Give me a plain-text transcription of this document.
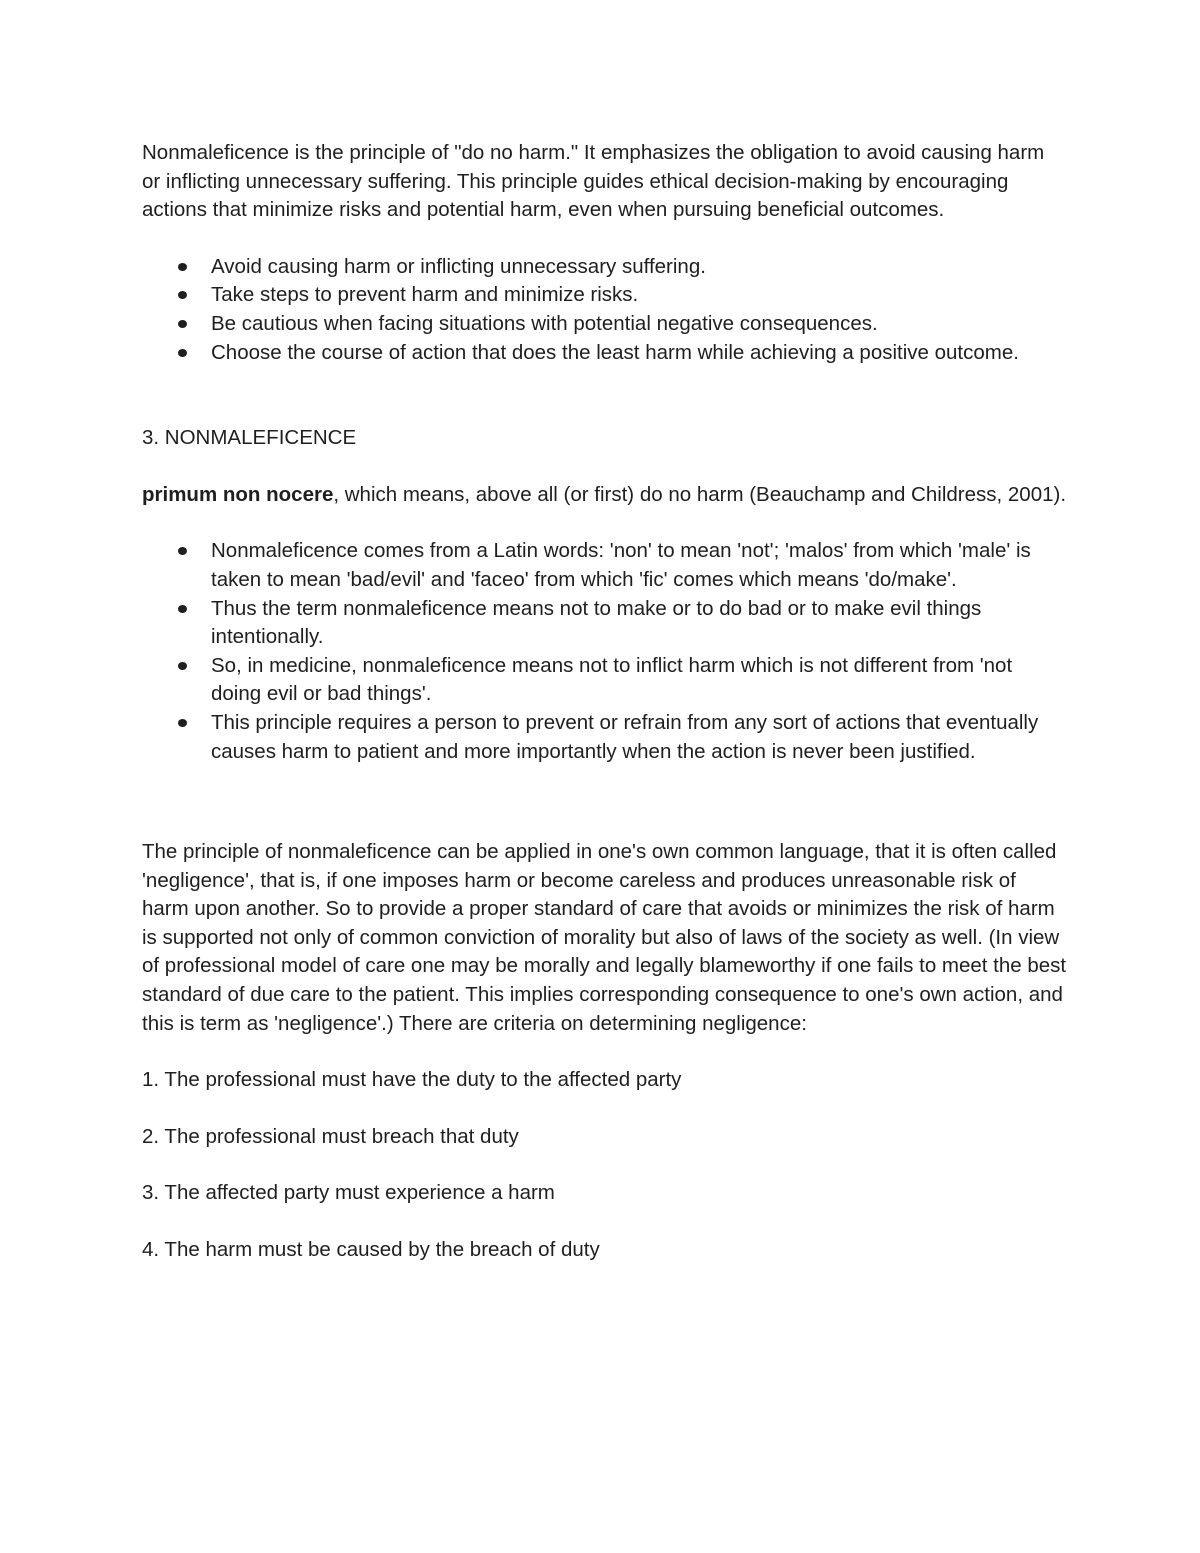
Nonmaleficence is the principle of "do no harm." It emphasizes the obligation to avoid causing harm or inflicting unnecessary suffering. This principle guides ethical decision-making by encouraging actions that minimize risks and potential harm, even when pursuing beneficial outcomes.

Avoid causing harm or inflicting unnecessary suffering.
Take steps to prevent harm and minimize risks.
Be cautious when facing situations with potential negative consequences.
Choose the course of action that does the least harm while achieving a positive outcome.

3. NONMALEFICENCE

primum non nocere, which means, above all (or first) do no harm (Beauchamp and Childress, 2001).

Nonmaleficence comes from a Latin words: 'non' to mean 'not'; 'malos' from which 'male' is taken to mean 'bad/evil' and 'faceo' from which 'fic' comes which means 'do/make'.
Thus the term nonmaleficence means not to make or to do bad or to make evil things intentionally.
So, in medicine, nonmaleficence means not to inflict harm which is not different from 'not doing evil or bad things'.
This principle requires a person to prevent or refrain from any sort of actions that eventually causes harm to patient and more importantly when the action is never been justified.

The principle of nonmaleficence can be applied in one's own common language, that it is often called 'negligence', that is, if one imposes harm or become careless and produces unreasonable risk of harm upon another. So to provide a proper standard of care that avoids or minimizes the risk of harm is supported not only of common conviction of morality but also of laws of the society as well. (In view of professional model of care one may be morally and legally blameworthy if one fails to meet the best standard of due care to the patient. This implies corresponding consequence to one's own action, and this is term as 'negligence'.) There are criteria on determining negligence:

1. The professional must have the duty to the affected party

2. The professional must breach that duty

3. The affected party must experience a harm

4. The harm must be caused by the breach of duty
